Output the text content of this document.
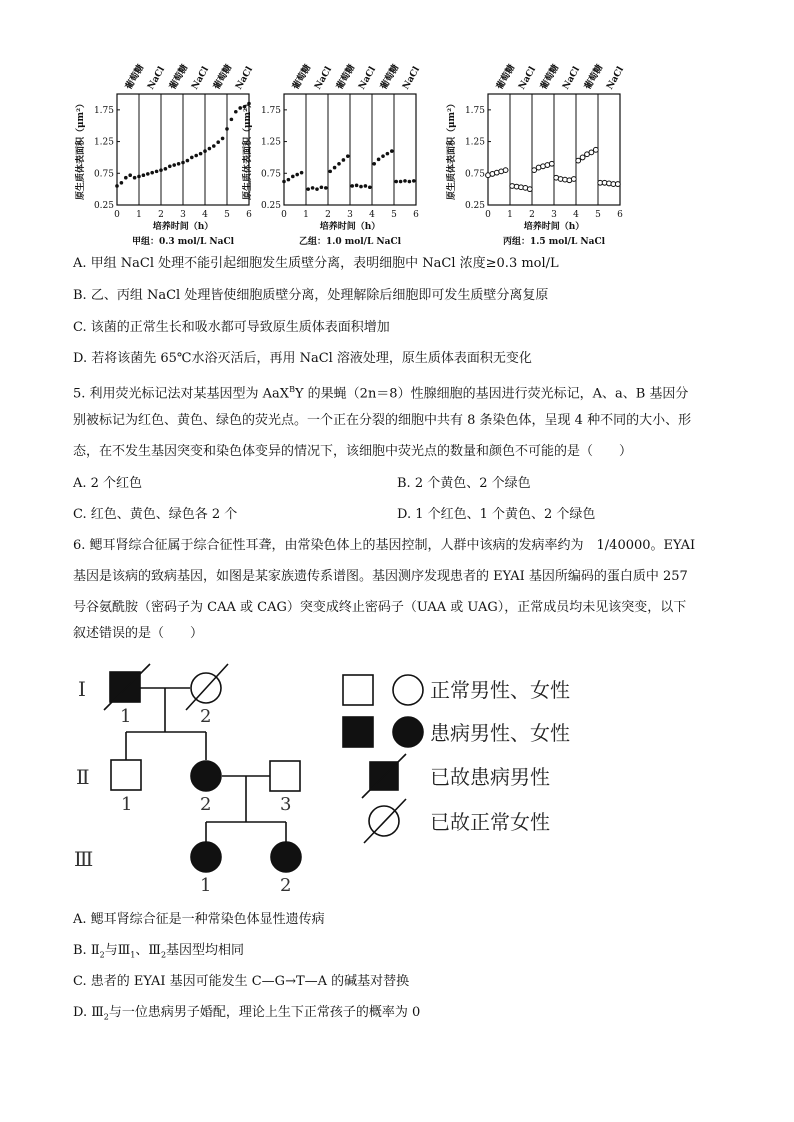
0 1 2 3 4 5 6
0.25
0.75
1.25
1.75
原生质体表面积（μm²）
培养时间（h）
甲组：0.3 mol/L NaCl
葡萄糖 NaCl 葡萄糖 NaCl 葡萄糖 NaCl
0 1 2 3 4 5 6
0.25
0.75
1.25
1.75
原生质体表面积（μm²）
培养时间（h）
乙组：1.0 mol/L NaCl
葡萄糖 NaCl 葡萄糖 NaCl 葡萄糖 NaCl
0 1 2 3 4 5 6
0.25
0.75
1.25
1.75
原生质体表面积（μm²）
培养时间（h）
丙组：1.5 mol/L NaCl
葡萄糖 NaCl 葡萄糖 NaCl 葡萄糖 NaCl
A. 甲组 NaCl 处理不能引起细胞发生质壁分离，表明细胞中 NaCl 浓度≥0.3 mol/L
B. 乙、丙组 NaCl 处理皆使细胞质壁分离，处理解除后细胞即可发生质壁分离复原
C. 该菌的正常生长和吸水都可导致原生质体表面积增加
D. 若将该菌先 65℃水浴灭活后，再用 NaCl 溶液处理，原生质体表面积无变化
5. 利用荧光标记法对某基因型为 AaX$^B$Y 的果蝇（2n＝8）性腺细胞的基因进行荧光标记，A、a、B 基因分
别被标记为红色、黄色、绿色的荧光点。一个正在分裂的细胞中共有 8 条染色体，呈现 4 种不同的大小、形
态，在不发生基因突变和染色体变异的情况下，该细胞中荧光点的数量和颜色不可能的是（　　）
A. 2 个红色	B. 2 个黄色、2 个绿色
C. 红色、黄色、绿色各 2 个	D. 1 个红色、1 个黄色、2 个绿色
6. 鳃耳肾综合征属于综合征性耳聋，由常染色体上的基因控制，人群中该病的发病率约为　1/40000。EYAI
基因是该病的致病基因，如图是某家族遗传系谱图。基因测序发现患者的 EYAI 基因所编码的蛋白质中 257
号谷氨酰胺（密码子为 CAA 或 CAG）突变成终止密码子（UAA 或 UAG），正常成员均未见该突变，以下
叙述错误的是（　　）
Ⅰ
Ⅱ
Ⅲ
1	2
1	2	3
1	2
正常男性、女性
患病男性、女性
已故患病男性
已故正常女性
A. 鳃耳肾综合征是一种常染色体显性遗传病
B. $Ⅱ_2$与$Ⅲ_1$、$Ⅲ_2$基因型均相同
C. 患者的 EYAI 基因可能发生 C—G→T—A 的碱基对替换
D. $Ⅲ_2$与一位患病男子婚配，理论上生下正常孩子的概率为 0
